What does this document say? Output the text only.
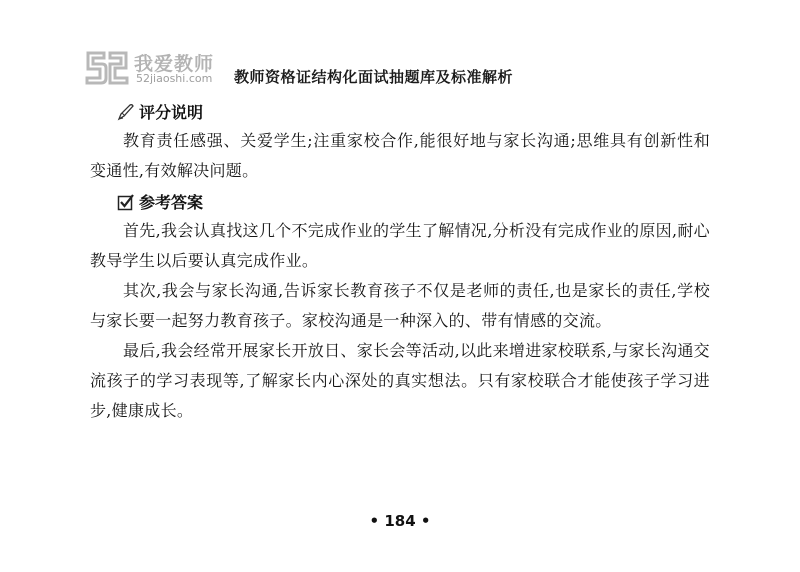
我爱教师
52jiaoshi.com 教师资格证结构化面试抽题库及标准解析
评分说明
教育责任感强、关爱学生;注重家校合作,能很好地与家长沟通;思维具有创新性和变通性,有效解决问题。
参考答案
首先,我会认真找这几个不完成作业的学生了解情况,分析没有完成作业的原因,耐心教导学生以后要认真完成作业。
其次,我会与家长沟通,告诉家长教育孩子不仅是老师的责任,也是家长的责任,学校与家长要一起努力教育孩子。家校沟通是一种深入的、带有情感的交流。
最后,我会经常开展家长开放日、家长会等活动,以此来增进家校联系,与家长沟通交流孩子的学习表现等,了解家长内心深处的真实想法。只有家校联合才能使孩子学习进步,健康成长。
• 184 •
